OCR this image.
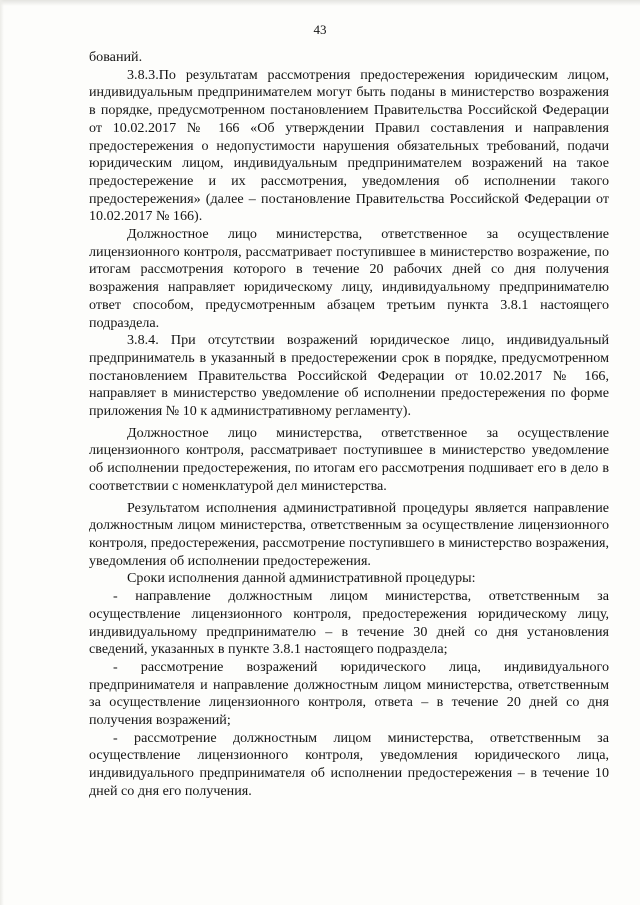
43

бований.

3.8.3.По результатам рассмотрения предостережения юридическим лицом, индивидуальным предпринимателем могут быть поданы в министерство возражения в порядке, предусмотренном постановлением Правительства Российской Федерации от 10.02.2017 № 166 «Об утверждении Правил составления и направления предостережения о недопустимости нарушения обязательных требований, подачи юридическим лицом, индивидуальным предпринимателем возражений на такое предостережение и их рассмотрения, уведомления об исполнении такого предостережения» (далее – постановление Правительства Российской Федерации от 10.02.2017 № 166).

Должностное лицо министерства, ответственное за осуществление лицензионного контроля, рассматривает поступившее в министерство возражение, по итогам рассмотрения которого в течение 20 рабочих дней со дня получения возражения направляет юридическому лицу, индивидуальному предпринимателю ответ способом, предусмотренным абзацем третьим пункта 3.8.1 настоящего подраздела.

3.8.4. При отсутствии возражений юридическое лицо, индивидуальный предприниматель в указанный в предостережении срок в порядке, предусмотренном постановлением Правительства Российской Федерации от 10.02.2017 № 166, направляет в министерство уведомление об исполнении предостережения по форме приложения № 10 к административному регламенту).

Должностное лицо министерства, ответственное за осуществление лицензионного контроля, рассматривает поступившее в министерство уведомление об исполнении предостережения, по итогам его рассмотрения подшивает его в дело в соответствии с номенклатурой дел министерства.

Результатом исполнения административной процедуры является направление должностным лицом министерства, ответственным за осуществление лицензионного контроля, предостережения, рассмотрение поступившего в министерство возражения, уведомления об исполнении предостережения.

Сроки исполнения данной административной процедуры:

- направление должностным лицом министерства, ответственным за осуществление лицензионного контроля, предостережения юридическому лицу, индивидуальному предпринимателю – в течение 30 дней со дня установления сведений, указанных в пункте 3.8.1 настоящего подраздела;

- рассмотрение возражений юридического лица, индивидуального предпринимателя и направление должностным лицом министерства, ответственным за осуществление лицензионного контроля, ответа – в течение 20 дней со дня получения возражений;

- рассмотрение должностным лицом министерства, ответственным за осуществление лицензионного контроля, уведомления юридического лица, индивидуального предпринимателя об исполнении предостережения – в течение 10 дней со дня его получения.
